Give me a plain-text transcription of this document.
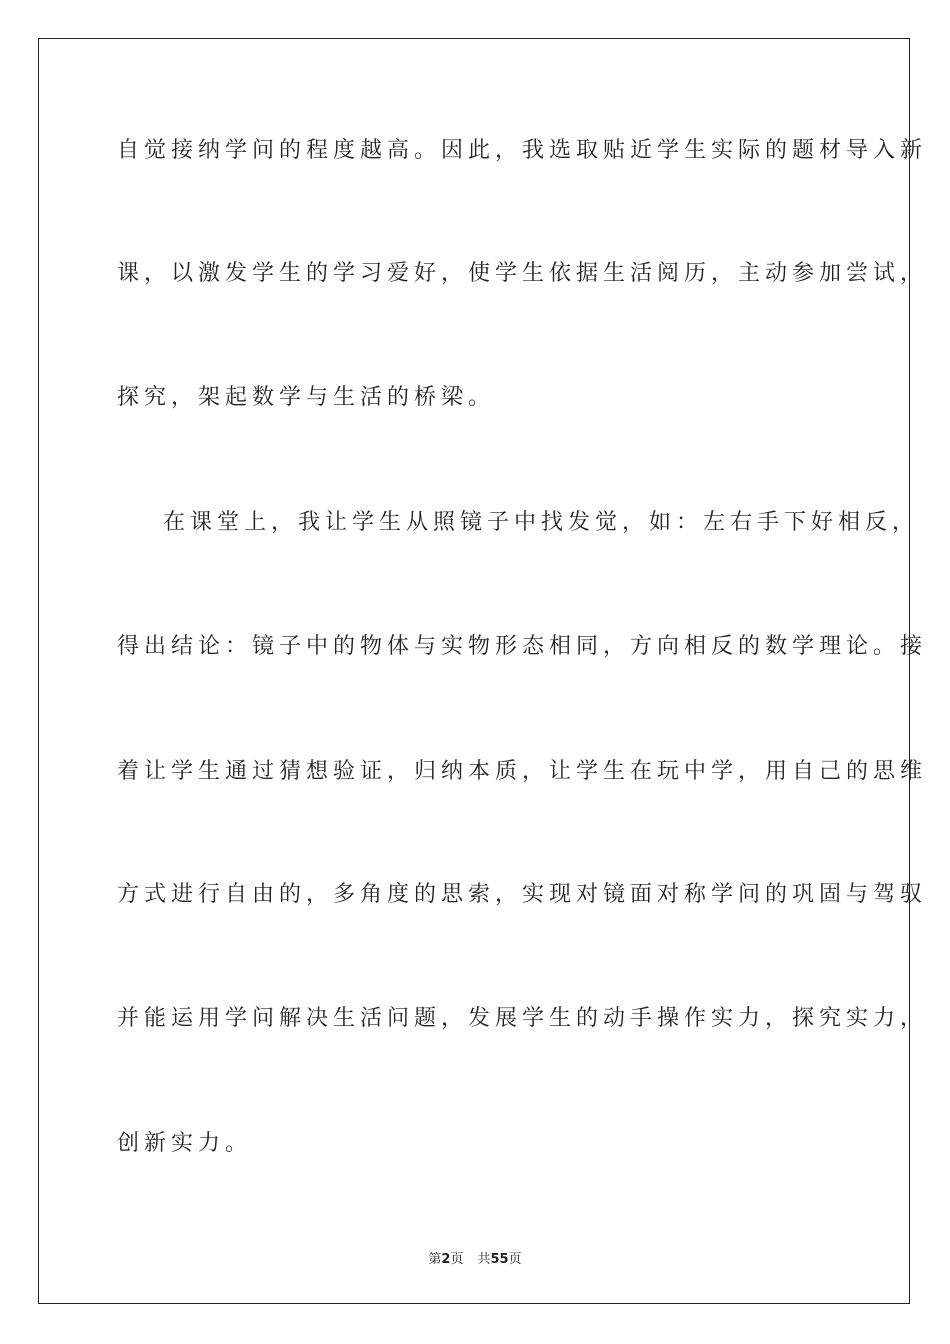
自觉接纳学问的程度越高。因此，我选取贴近学生实际的题材导入新
课，以激发学生的学习爱好，使学生依据生活阅历，主动参加尝试，
探究，架起数学与生活的桥梁。
在课堂上，我让学生从照镜子中找发觉，如：左右手下好相反，
得出结论：镜子中的物体与实物形态相同，方向相反的数学理论。接
着让学生通过猜想验证，归纳本质，让学生在玩中学，用自己的思维
方式进行自由的，多角度的思索，实现对镜面对称学问的巩固与驾驭
并能运用学问解决生活问题，发展学生的动手操作实力，探究实力，
创新实力。
第2页 共55页
